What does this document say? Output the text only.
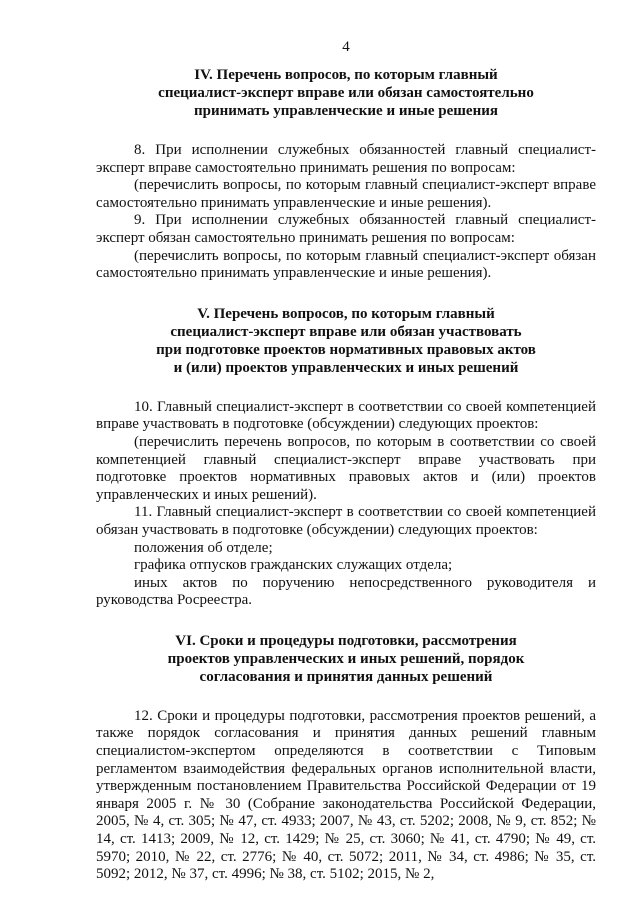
4
IV. Перечень вопросов, по которым главный
специалист-эксперт вправе или обязан самостоятельно
принимать управленческие и иные решения

8. При исполнении служебных обязанностей главный специалист-эксперт вправе самостоятельно принимать решения по вопросам:

(перечислить вопросы, по которым главный специалист-эксперт вправе самостоятельно принимать управленческие и иные решения).

9. При исполнении служебных обязанностей главный специалист-эксперт обязан самостоятельно принимать решения по вопросам:

(перечислить вопросы, по которым главный специалист-эксперт обязан самостоятельно принимать управленческие и иные решения).

V. Перечень вопросов, по которым главный
специалист-эксперт вправе или обязан участвовать
при подготовке проектов нормативных правовых актов
и (или) проектов управленческих и иных решений

10. Главный специалист-эксперт в соответствии со своей компетенцией вправе участвовать в подготовке (обсуждении) следующих проектов:

(перечислить перечень вопросов, по которым в соответствии со своей компетенцией главный специалист-эксперт вправе участвовать при подготовке проектов нормативных правовых актов и (или) проектов управленческих и иных решений).

11. Главный специалист-эксперт в соответствии со своей компетенцией обязан участвовать в подготовке (обсуждении) следующих проектов:

положения об отделе;

графика отпусков гражданских служащих отдела;

иных актов по поручению непосредственного руководителя и руководства Росреестра.

VI. Сроки и процедуры подготовки, рассмотрения
проектов управленческих и иных решений, порядок
согласования и принятия данных решений

12. Сроки и процедуры подготовки, рассмотрения проектов решений, а также порядок согласования и принятия данных решений главным специалистом-экспертом определяются в соответствии с Типовым регламентом взаимодействия федеральных органов исполнительной власти, утвержденным постановлением Правительства Российской Федерации от 19 января 2005 г. № 30 (Собрание законодательства Российской Федерации, 2005, № 4, ст. 305; № 47, ст. 4933; 2007, № 43, ст. 5202; 2008, № 9, ст. 852; № 14, ст. 1413; 2009, № 12, ст. 1429; № 25, ст. 3060; № 41, ст. 4790; № 49, ст. 5970; 2010, № 22, ст. 2776; № 40, ст. 5072; 2011, № 34, ст. 4986; № 35, ст. 5092; 2012, № 37, ст. 4996; № 38, ст. 5102; 2015, № 2,
